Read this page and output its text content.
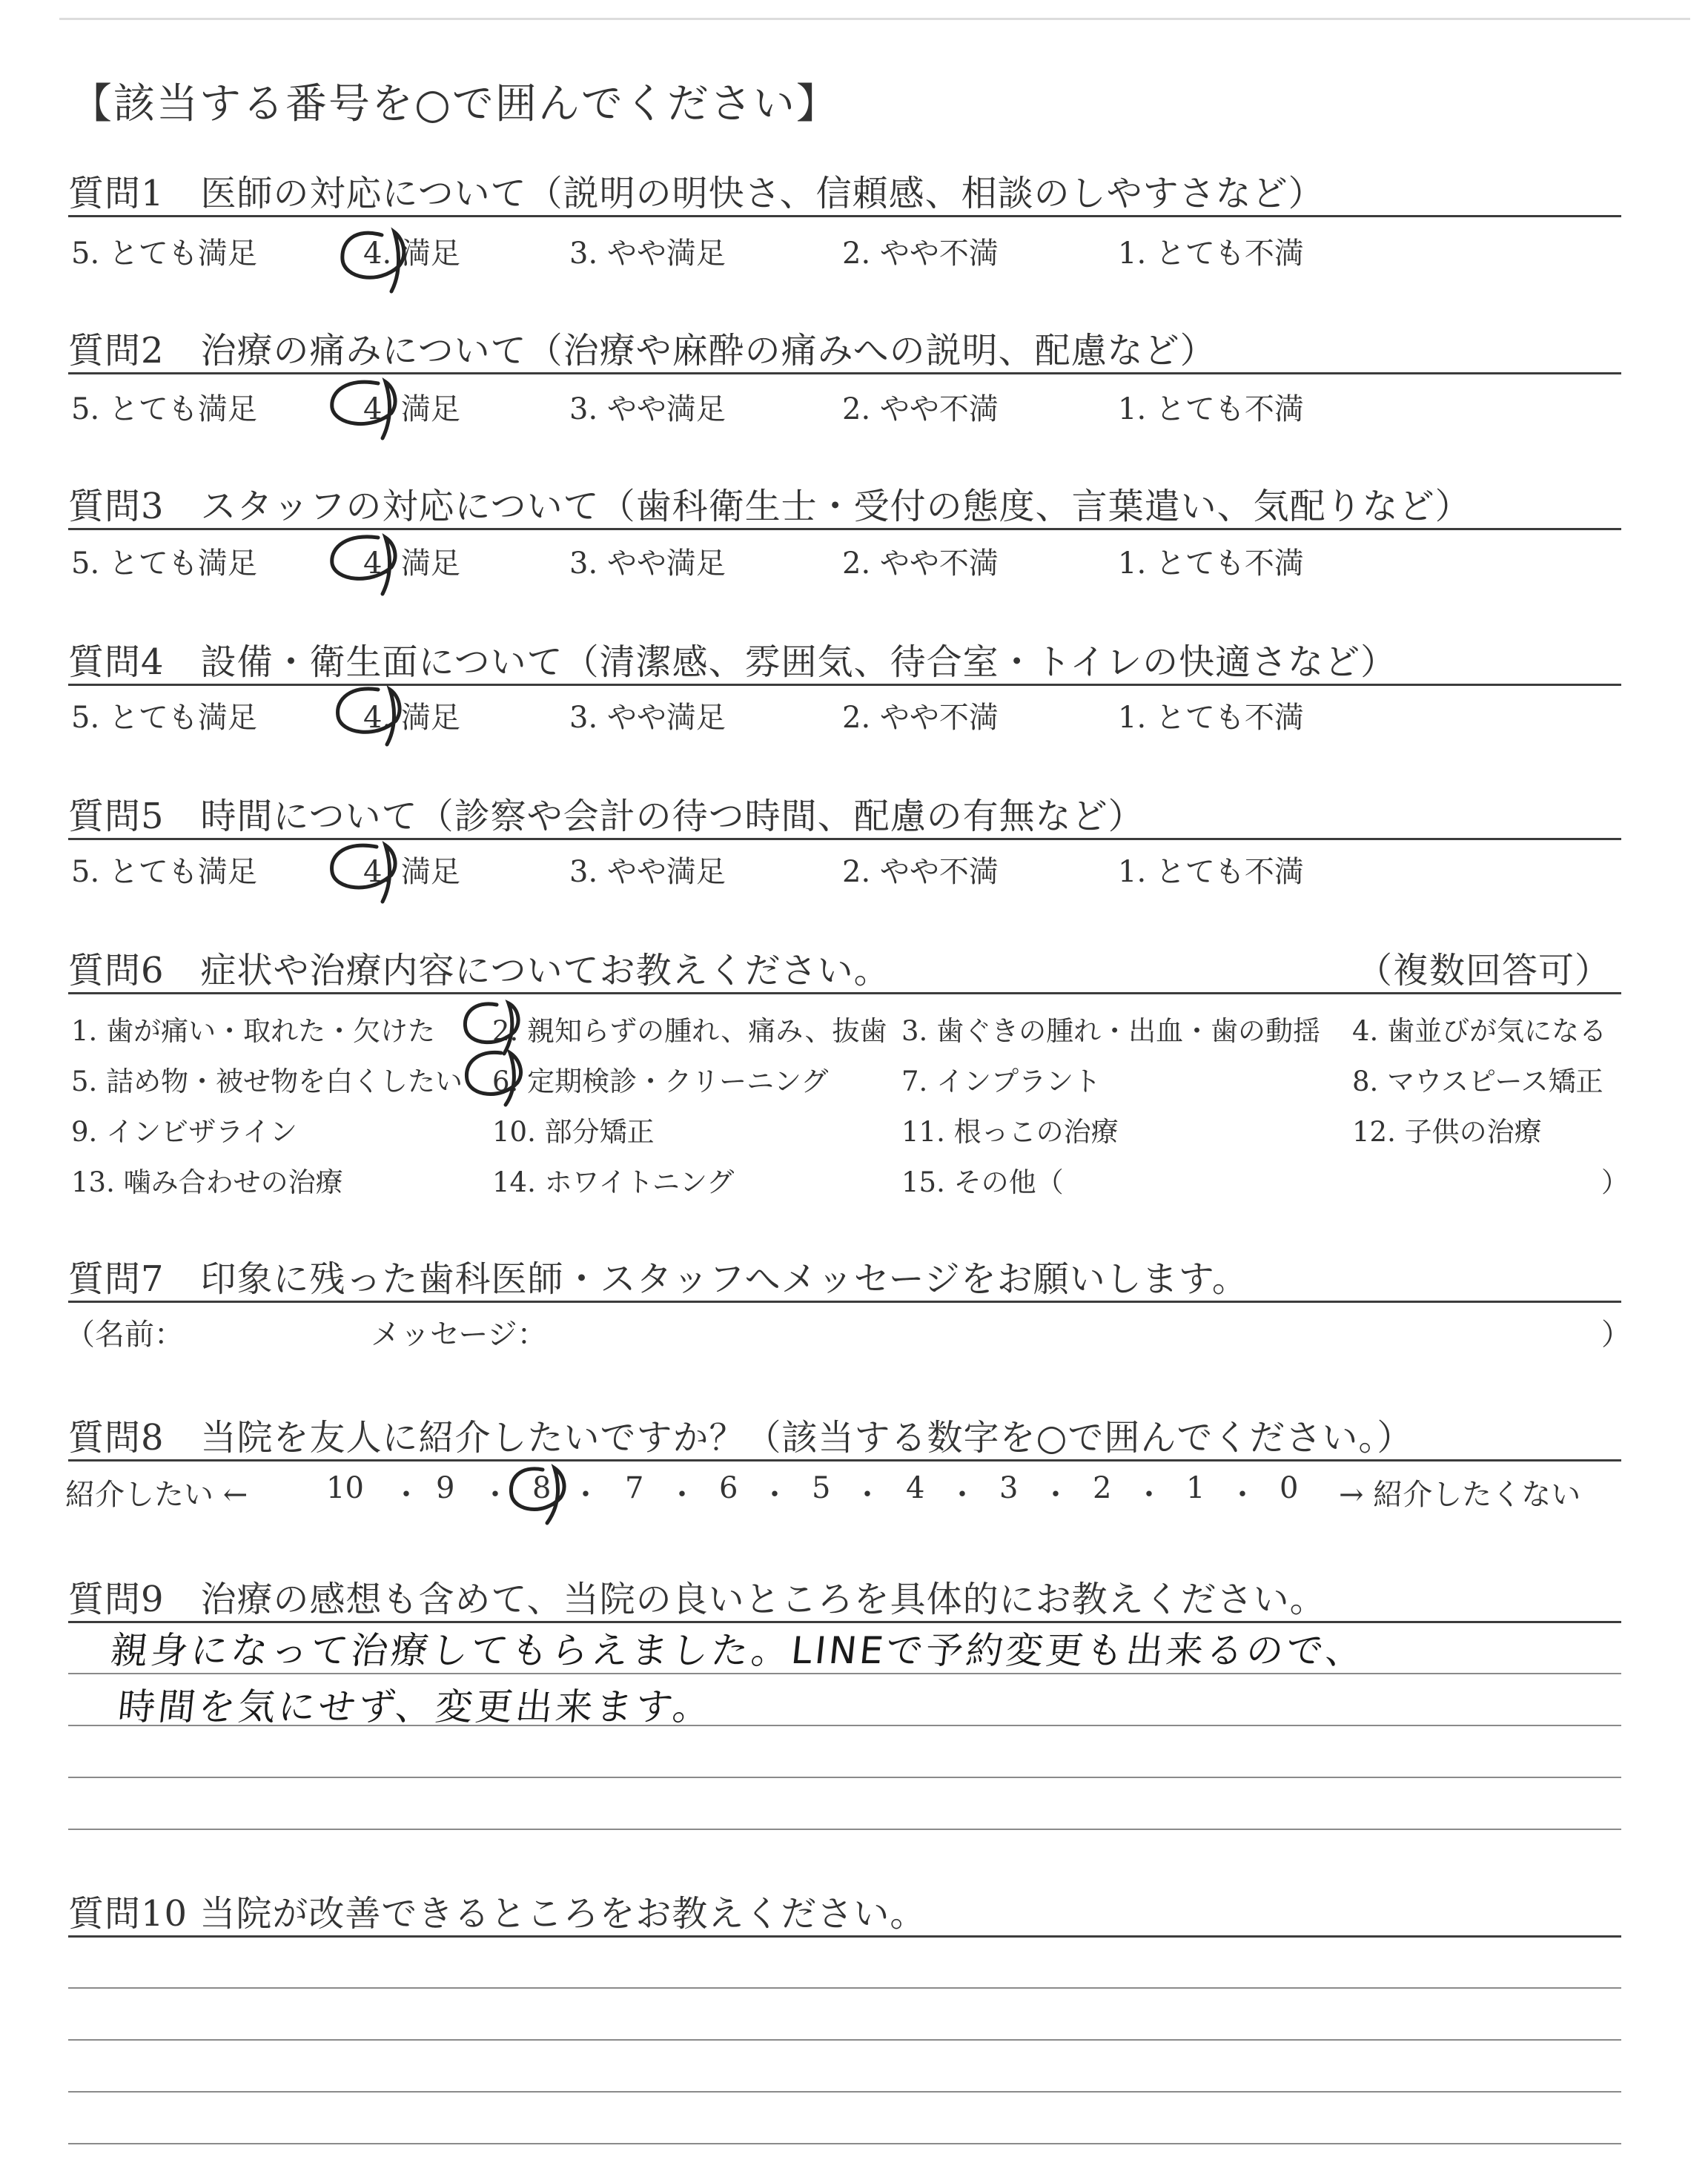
【該当する番号を○で囲んでください】
質問1　医師の対応について（説明の明快さ、信頼感、相談のしやすさなど）
5. とても満足	4. 満足	3. やや満足	2. やや不満	1. とても不満
質問2　治療の痛みについて（治療や麻酔の痛みへの説明、配慮など）
5. とても満足	4. 満足	3. やや満足	2. やや不満	1. とても不満
質問3　スタッフの対応について（歯科衛生士・受付の態度、言葉遣い、気配りなど）
5. とても満足	4. 満足	3. やや満足	2. やや不満	1. とても不満
質問4　設備・衛生面について（清潔感、雰囲気、待合室・トイレの快適さなど）
5. とても満足	4. 満足	3. やや満足	2. やや不満	1. とても不満
質問5　時間について（診察や会計の待つ時間、配慮の有無など）
5. とても満足	4. 満足	3. やや満足	2. やや不満	1. とても不満
質問6　症状や治療内容についてお教えください。	（複数回答可）
1. 歯が痛い・取れた・欠けた 2. 親知らずの腫れ、痛み、抜歯 3. 歯ぐきの腫れ・出血・歯の動揺 4. 歯並びが気になる
5. 詰め物・被せ物を白くしたい 6. 定期検診・クリーニング	7. インプラント	8. マウスピース矯正
9. インビザライン	10. 部分矯正	11. 根っこの治療	12. 子供の治療
13. 噛み合わせの治療	14. ホワイトニング	15. その他（	）
質問7　印象に残った歯科医師・スタッフへメッセージをお願いします。
（名前：	メッセージ：	）
質問8　当院を友人に紹介したいですか？（該当する数字を○で囲んでください。）
紹介したい ←	→ 紹介したくない
10 ・ 9 ・ 8 ・ 7 ・ 6 ・ 5 ・ 4 ・ 3 ・ 2 ・ 1 ・ 0
質問9　治療の感想も含めて、当院の良いところを具体的にお教えください。
親身になって治療してもらえました。LINEで予約変更も出来るので、
時間を気にせず、変更出来ます。
質問10 当院が改善できるところをお教えください。
